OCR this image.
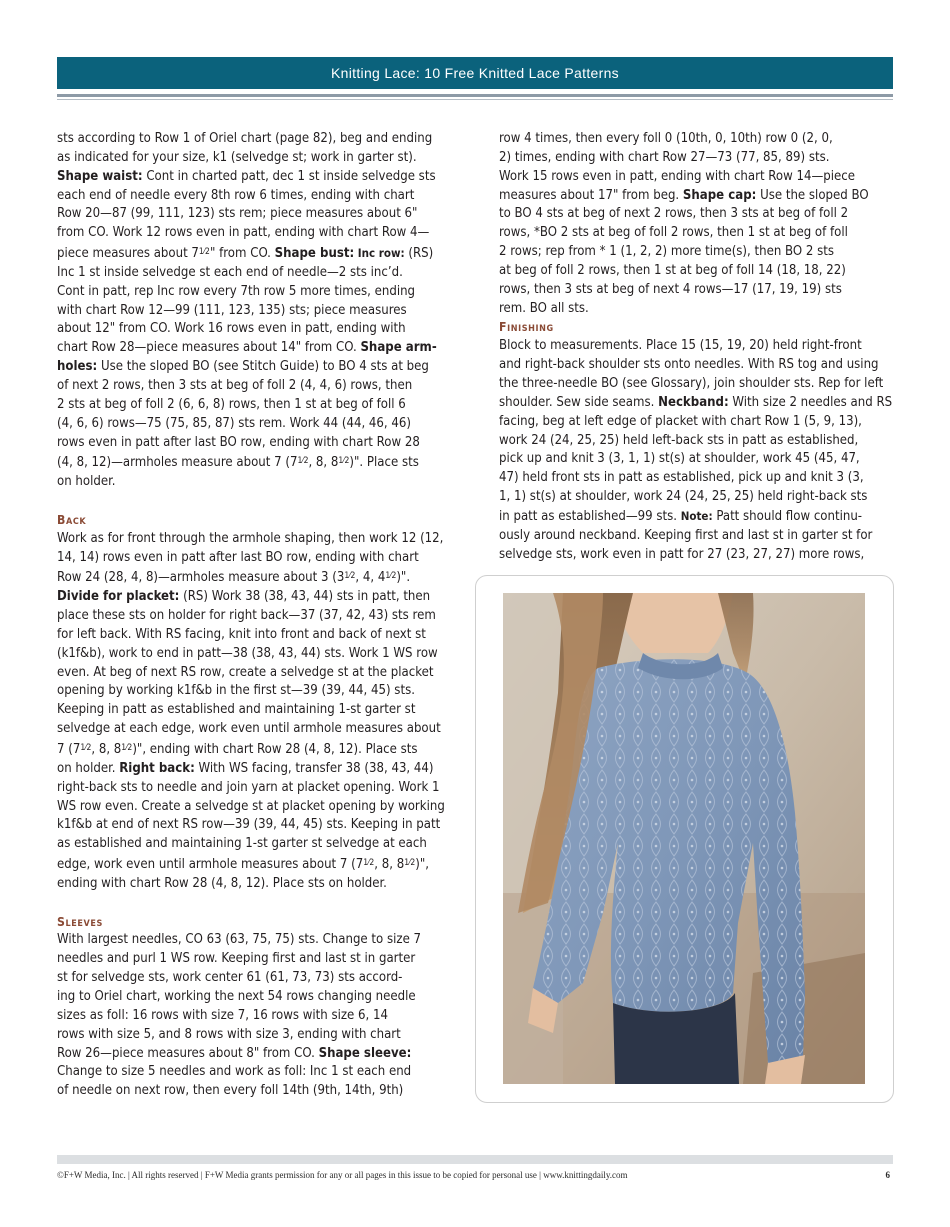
Knitting Lace: 10 Free Knitted Lace Patterns
sts according to Row 1 of Oriel chart (page 82), beg and ending
as indicated for your size, k1 (selvedge st; work in garter st).
Shape waist: Cont in charted patt, dec 1 st inside selvedge sts
each end of needle every 8th row 6 times, ending with chart
Row 20—87 (99, 111, 123) sts rem; piece measures about 6"
from CO. Work 12 rows even in patt, ending with chart Row 4—
piece measures about $7^{1⁄2}$" from CO. Shape bust: Inc row: (RS)
Inc 1 st inside selvedge st each end of needle—2 sts inc’d.
Cont in patt, rep Inc row every 7th row 5 more times, ending
with chart Row 12—99 (111, 123, 135) sts; piece measures
about 12" from CO. Work 16 rows even in patt, ending with
chart Row 28—piece measures about 14" from CO. Shape arm-
holes: Use the sloped BO (see Stitch Guide) to BO 4 sts at beg
of next 2 rows, then 3 sts at beg of foll 2 (4, 4, 6) rows, then
2 sts at beg of foll 2 (6, 6, 8) rows, then 1 st at beg of foll 6
(4, 6, 6) rows—75 (75, 85, 87) sts rem. Work 44 (44, 46, 46)
rows even in patt after last BO row, ending with chart Row 28
(4, 8, 12)—armholes measure about 7 ($7^{1⁄2}$, 8, $8^{1⁄2}$)". Place sts
on holder.
Back
Work as for front through the armhole shaping, then work 12 (12,
14, 14) rows even in patt after last BO row, ending with chart
Row 24 (28, 4, 8)—armholes measure about 3 ($3^{1⁄2}$, 4, $4^{1⁄2}$)".
Divide for placket: (RS) Work 38 (38, 43, 44) sts in patt, then
place these sts on holder for right back—37 (37, 42, 43) sts rem
for left back. With RS facing, knit into front and back of next st
(k1f&b), work to end in patt—38 (38, 43, 44) sts. Work 1 WS row
even. At beg of next RS row, create a selvedge st at the placket
opening by working k1f&b in the first st—39 (39, 44, 45) sts.
Keeping in patt as established and maintaining 1-st garter st
selvedge at each edge, work even until armhole measures about
7 ($7^{1⁄2}$, 8, $8^{1⁄2}$)", ending with chart Row 28 (4, 8, 12). Place sts
on holder. Right back: With WS facing, transfer 38 (38, 43, 44)
right-back sts to needle and join yarn at placket opening. Work 1
WS row even. Create a selvedge st at placket opening by working
k1f&b at end of next RS row—39 (39, 44, 45) sts. Keeping in patt
as established and maintaining 1-st garter st selvedge at each
edge, work even until armhole measures about 7 ($7^{1⁄2}$, 8, $8^{1⁄2}$)",
ending with chart Row 28 (4, 8, 12). Place sts on holder.
Sleeves
With largest needles, CO 63 (63, 75, 75) sts. Change to size 7
needles and purl 1 WS row. Keeping first and last st in garter
st for selvedge sts, work center 61 (61, 73, 73) sts accord-
ing to Oriel chart, working the next 54 rows changing needle
sizes as foll: 16 rows with size 7, 16 rows with size 6, 14
rows with size 5, and 8 rows with size 3, ending with chart
Row 26—piece measures about 8" from CO. Shape sleeve:
Change to size 5 needles and work as foll: Inc 1 st each end
of needle on next row, then every foll 14th (9th, 14th, 9th)
row 4 times, then every foll 0 (10th, 0, 10th) row 0 (2, 0,
2) times, ending with chart Row 27—73 (77, 85, 89) sts.
Work 15 rows even in patt, ending with chart Row 14—piece
measures about 17" from beg. Shape cap: Use the sloped BO
to BO 4 sts at beg of next 2 rows, then 3 sts at beg of foll 2
rows, *BO 2 sts at beg of foll 2 rows, then 1 st at beg of foll
2 rows; rep from * 1 (1, 2, 2) more time(s), then BO 2 sts
at beg of foll 2 rows, then 1 st at beg of foll 14 (18, 18, 22)
rows, then 3 sts at beg of next 4 rows—17 (17, 19, 19) sts
rem. BO all sts.
Finishing
Block to measurements. Place 15 (15, 19, 20) held right-front
and right-back shoulder sts onto needles. With RS tog and using
the three-needle BO (see Glossary), join shoulder sts. Rep for left
shoulder. Sew side seams. Neckband: With size 2 needles and RS
facing, beg at left edge of placket with chart Row 1 (5, 9, 13),
work 24 (24, 25, 25) held left-back sts in patt as established,
pick up and knit 3 (3, 1, 1) st(s) at shoulder, work 45 (45, 47,
47) held front sts in patt as established, pick up and knit 3 (3,
1, 1) st(s) at shoulder, work 24 (24, 25, 25) held right-back sts
in patt as established—99 sts. Note: Patt should flow continu-
ously around neckband. Keeping first and last st in garter st for
selvedge sts, work even in patt for 27 (23, 27, 27) more rows,
©F+W Media, Inc. | All rights reserved | F+W Media grants permission for any or all pages in this issue to be copied for personal use | www.knittingdaily.com	6
